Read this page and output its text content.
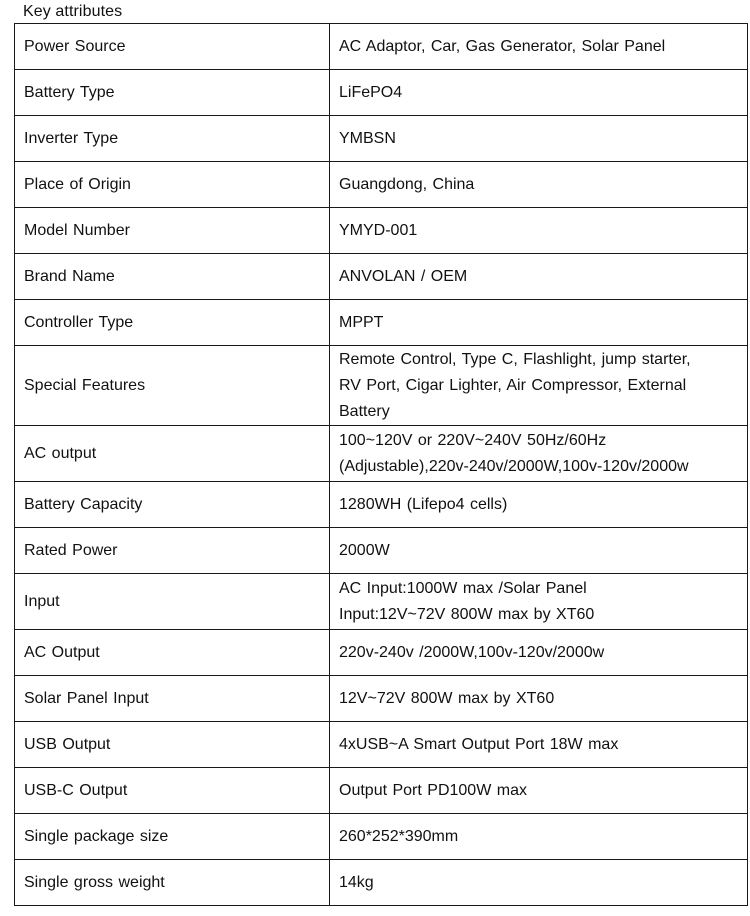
Key attributes
Power Source	AC Adaptor, Car, Gas Generator, Solar Panel

Battery Type	LiFePO4

Inverter Type	YMBSN

Place of Origin	Guangdong, China

Model Number	YMYD-001

Brand Name	ANVOLAN / OEM

Controller Type	MPPT

Special Features	Remote Control, Type C, Flashlight, jump starter,
RV Port, Cigar Lighter, Air Compressor, External
Battery

AC output	100~120V or 220V~240V 50Hz/60Hz
(Adjustable),220v-240v/2000W,100v-120v/2000w

Battery Capacity	1280WH (Lifepo4 cells)

Rated Power	2000W

Input	AC Input:1000W max /Solar Panel
Input:12V~72V 800W max by XT60

AC Output	220v-240v /2000W,100v-120v/2000w

Solar Panel Input	12V~72V 800W max by XT60

USB Output	4xUSB~A Smart Output Port 18W max

USB-C Output	Output Port PD100W max

Single package size	260*252*390mm

Single gross weight	14kg
